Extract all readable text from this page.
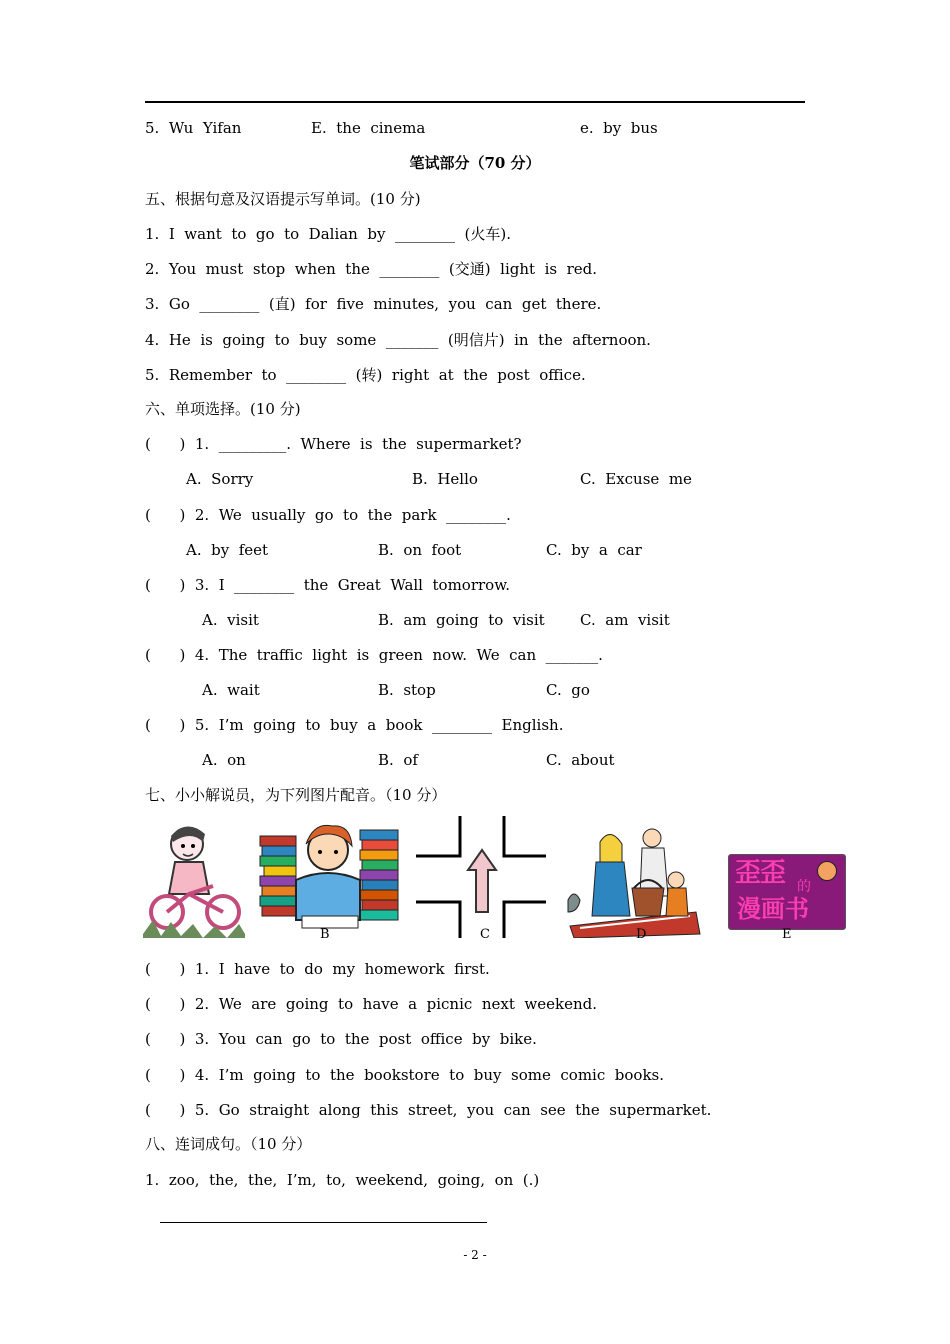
5.  Wu  Yifan	E.  the  cinema	e.  by  bus
笔试部分（70 分）
五、根据句意及汉语提示写单词。(10 分)
1.  I  want  to  go  to  Dalian  by  ________  (火车).
2.  You  must  stop  when  the  ________  (交通)  light  is  red.
3.  Go  ________  (直)  for  five  minutes,  you  can  get  there.
4.  He  is  going  to  buy  some  _______  (明信片)  in  the  afternoon.
5.  Remember  to  ________  (转)  right  at  the  post  office.
六、单项选择。(10 分)
(      )  1.  _________.  Where  is  the  supermarket?
A.  Sorry	B.  Hello	C.  Excuse  me
(      )  2.  We  usually  go  to  the  park  ________.
A.  by  feet	B.  on  foot	C.  by  a  car
(      )  3.  I  ________  the  Great  Wall  tomorrow.
A.  visit	B.  am  going  to  visit C.  am  visit
(      )  4.  The  traffic  light  is  green  now.  We  can  _______.
A.  wait	B.  stop	C.  go
(      )  5.  I’m  going  to  buy  a  book  ________  English.
A.  on	B.  of	C.  about
七、小小解说员，为下列图片配音。（10 分）
B	C	D
歪歪 的
漫画书
E
(      )  1.  I  have  to  do  my  homework  first.
(      )  2.  We  are  going  to  have  a  picnic  next  weekend.
(      )  3.  You  can  go  to  the  post  office  by  bike.
(      )  4.  I’m  going  to  the  bookstore  to  buy  some  comic  books.
(      )  5.  Go  straight  along  this  street,  you  can  see  the  supermarket.
八、连词成句。（10 分）
1.  zoo,  the,  the,  I’m,  to,  weekend,  going,  on  (.)
- 2 -
